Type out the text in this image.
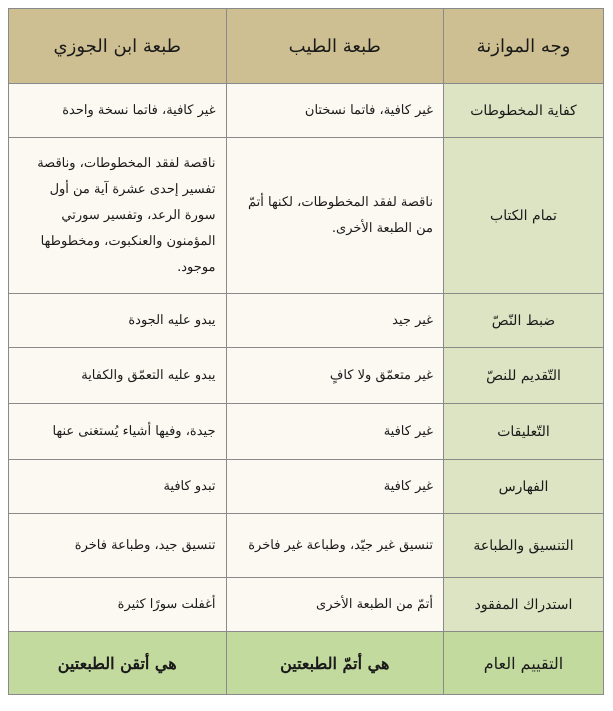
وجه الموازنة	طبعة الطيب	طبعة ابن الجوزي
كفاية المخطوطات	غير كافية، فاتما نسختان	غير كافية، فاتما نسخة واحدة
تمام الكتاب	ناقصة لفقد المخطوطات، لكنها أتمّ من الطبعة الأخرى.	ناقصة لفقد المخطوطات، وناقصة تفسير إحدى عشرة آية من أول سورة الرعد، وتفسير سورتي المؤمنون والعنكبوت، ومخطوطها موجود.
ضبط النّصّ	غير جيد	يبدو عليه الجودة
التّقديم للنصّ	غير متعمّق ولا كافٍ	يبدو عليه التعمّق والكفاية
التّعليقات	غير كافية	جيدة، وفيها أشياء يُستغنى عنها
الفهارس	غير كافية	تبدو كافية
التنسيق والطباعة	تنسيق غير جيّد، وطباعة غير فاخرة	تنسيق جيد، وطباعة فاخرة
استدراك المفقود	أتمّ من الطبعة الأخرى	أغفلت سورًا كثيرة
التقييم العام	هي أتمّ الطبعتين	هي أتقن الطبعتين
